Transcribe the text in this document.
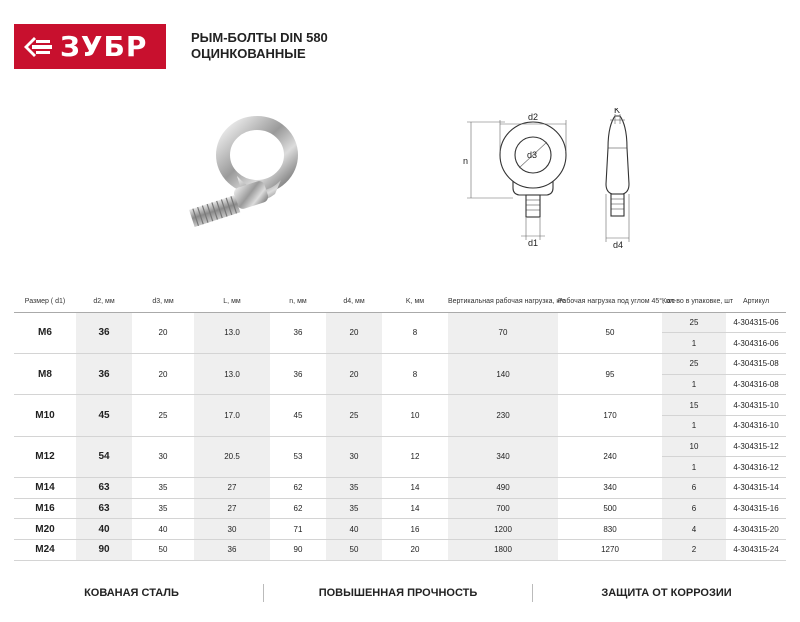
ЗУБР	РЫМ-БОЛТЫ DIN 580
ОЦИНКОВАННЫЕ
d2
d3
n
d1	d4
K
Размер ( d1)	d2, мм	d3, мм	L, мм	n, мм	d4, мм	K, мм	Вертикальная рабочая нагрузка, кгс	Рабочая нагрузка под углом 45°, кгс	Кол-во в упаковке, шт	Артикул
M6	36	20	13.0	36	20	8	70	50	25	4-304315-06
									1	4-304316-06
M8	36	20	13.0	36	20	8	140	95	25	4-304315-08
									1	4-304316-08
M10	45	25	17.0	45	25	10	230	170	15	4-304315-10
									1	4-304316-10
M12	54	30	20.5	53	30	12	340	240	10	4-304315-12
									1	4-304316-12
M14	63	35	27	62	35	14	490	340	6	4-304315-14
M16	63	35	27	62	35	14	700	500	6	4-304315-16
M20	40	40	30	71	40	16	1200	830	4	4-304315-20
M24	90	50	36	90	50	20	1800	1270	2	4-304315-24
КОВАНАЯ СТАЛЬ	ПОВЫШЕННАЯ ПРОЧНОСТЬ	ЗАЩИТА ОТ КОРРОЗИИ
